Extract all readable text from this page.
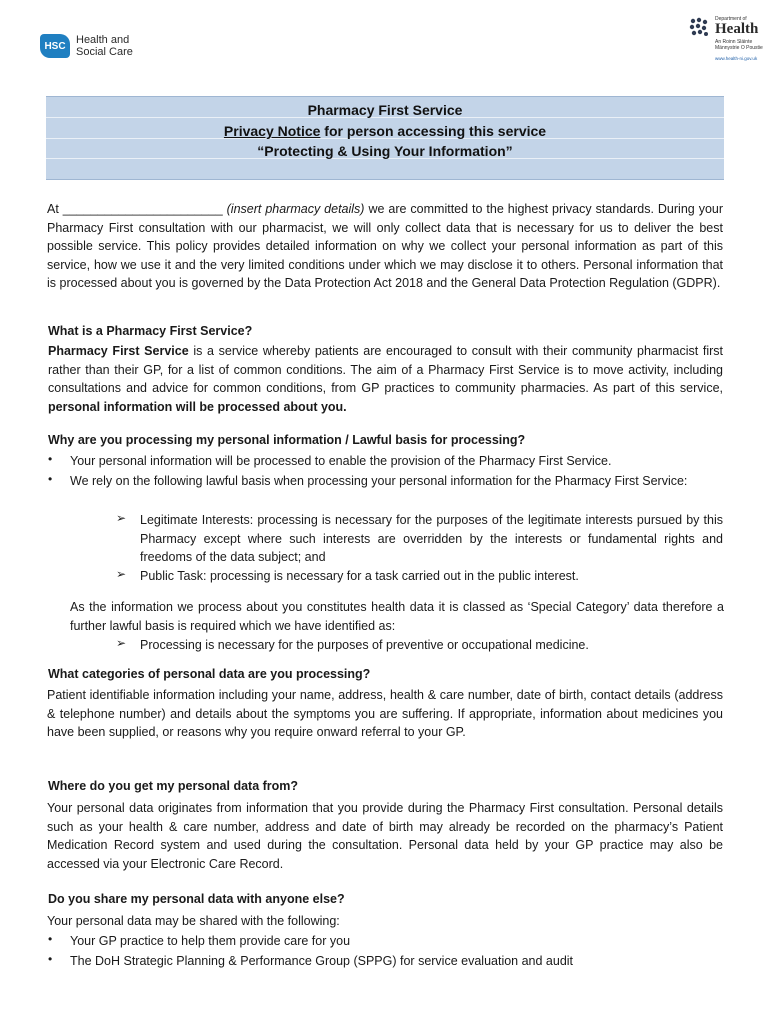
HSC Health and
Social Care
Department of
Health
An Roinn Sláinte
Männystrie O Poustie
www.health-ni.gov.uk
Pharmacy First Service
Privacy Notice for person accessing this service
“Protecting & Using Your Information”
At _______________________ (insert pharmacy details) we are committed to the highest privacy standards. During your Pharmacy First consultation with our pharmacist, we will only collect data that is necessary for us to deliver the best possible service. This policy provides detailed information on why we collect your personal information as part of this service, how we use it and the very limited conditions under which we may disclose it to others. Personal information that is processed about you is governed by the Data Protection Act 2018 and the General Data Protection Regulation (GDPR).
What is a Pharmacy First Service?
Pharmacy First Service is a service whereby patients are encouraged to consult with their community pharmacist first rather than their GP, for a list of common conditions. The aim of a Pharmacy First Service is to move activity, including consultations and advice for common conditions, from GP practices to community pharmacies. As part of this service, personal information will be processed about you.
Why are you processing my personal information / Lawful basis for processing?
• Your personal information will be processed to enable the provision of the Pharmacy First Service.
• We rely on the following lawful basis when processing your personal information for the Pharmacy First Service:
➢ Legitimate Interests: processing is necessary for the purposes of the legitimate interests pursued by this Pharmacy except where such interests are overridden by the interests or fundamental rights and freedoms of the data subject; and
➢ Public Task: processing is necessary for a task carried out in the public interest.
As the information we process about you constitutes health data it is classed as ‘Special Category’ data therefore a further lawful basis is required which we have identified as:
➢ Processing is necessary for the purposes of preventive or occupational medicine.
What categories of personal data are you processing?
Patient identifiable information including your name, address, health & care number, date of birth, contact details (address & telephone number) and details about the symptoms you are suffering. If appropriate, information about medicines you have been supplied, or reasons why you require onward referral to your GP.
Where do you get my personal data from?
Your personal data originates from information that you provide during the Pharmacy First consultation. Personal details such as your health & care number, address and date of birth may already be recorded on the pharmacy’s Patient Medication Record system and used during the consultation. Personal data held by your GP practice may also be accessed via your Electronic Care Record.
Do you share my personal data with anyone else?
Your personal data may be shared with the following:
• Your GP practice to help them provide care for you
• The DoH Strategic Planning & Performance Group (SPPG) for service evaluation and audit
